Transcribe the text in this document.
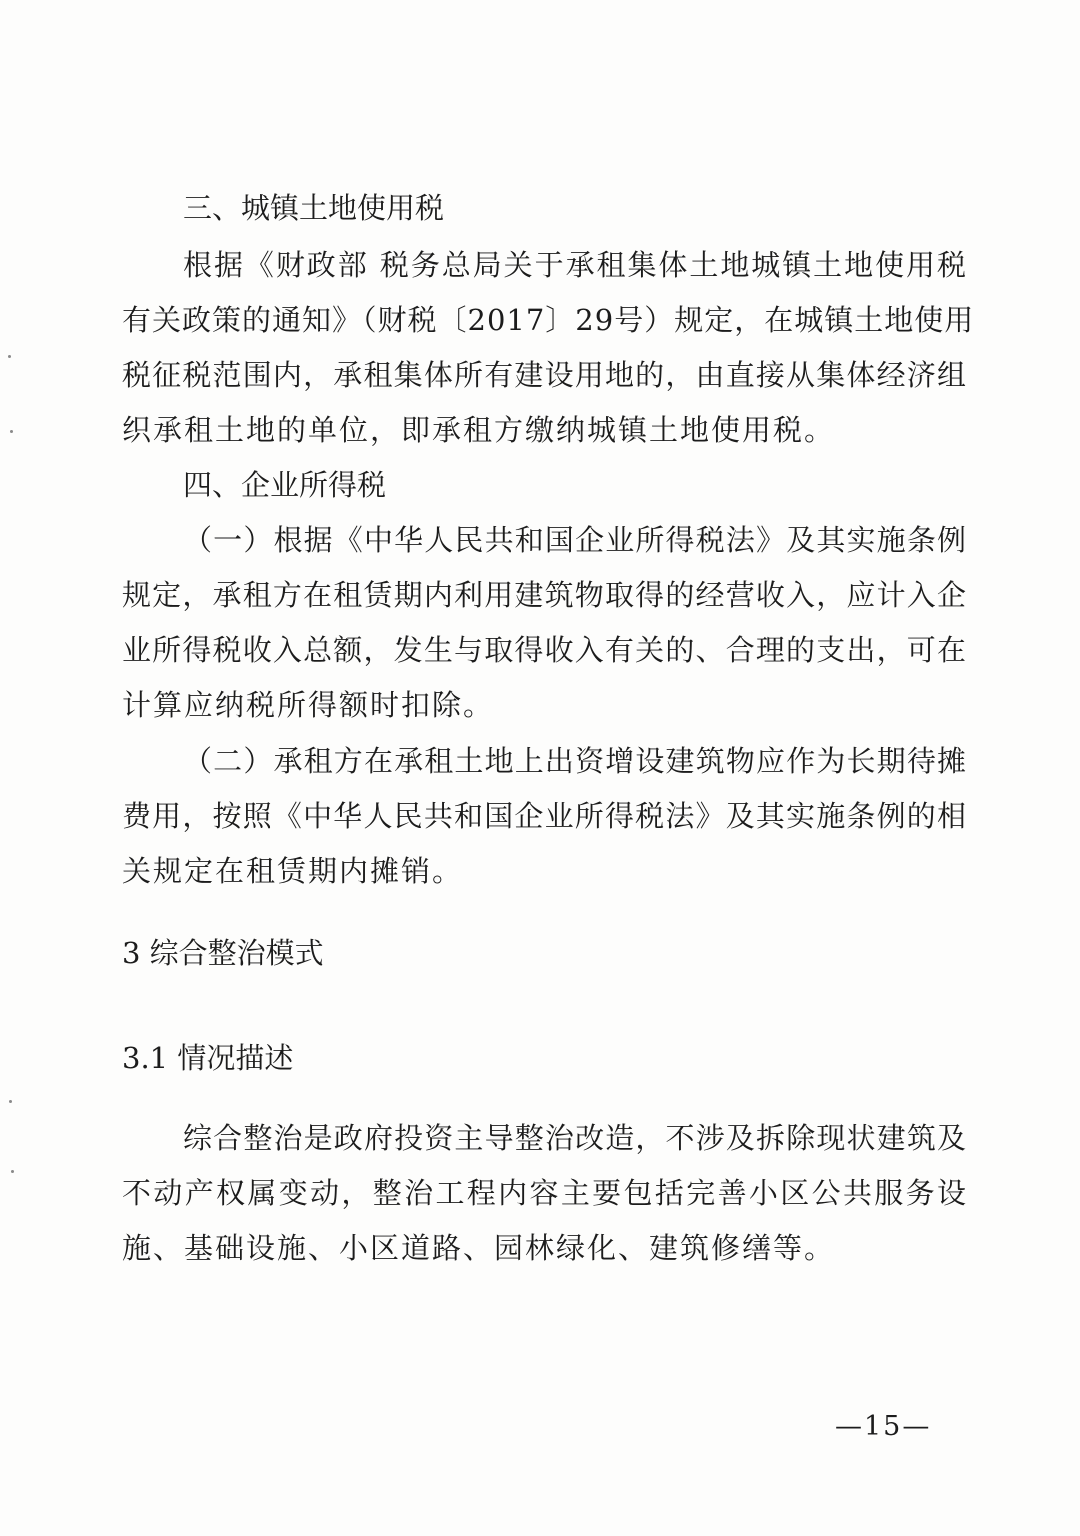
三、城镇土地使用税
根据《财政部 税务总局关于承租集体土地城镇土地使用税
有关政策的通知》（财税〔2017〕29号）规定，在城镇土地使用
税征税范围内，承租集体所有建设用地的，由直接从集体经济组
织承租土地的单位，即承租方缴纳城镇土地使用税。
四、企业所得税
（一）根据《中华人民共和国企业所得税法》及其实施条例
规定，承租方在租赁期内利用建筑物取得的经营收入，应计入企
业所得税收入总额，发生与取得收入有关的、合理的支出，可在
计算应纳税所得额时扣除。
（二）承租方在承租土地上出资增设建筑物应作为长期待摊
费用，按照《中华人民共和国企业所得税法》及其实施条例的相
关规定在租赁期内摊销。
3 综合整治模式
3.1 情况描述
综合整治是政府投资主导整治改造，不涉及拆除现状建筑及
不动产权属变动，整治工程内容主要包括完善小区公共服务设
施、基础设施、小区道路、园林绿化、建筑修缮等。
—15—
